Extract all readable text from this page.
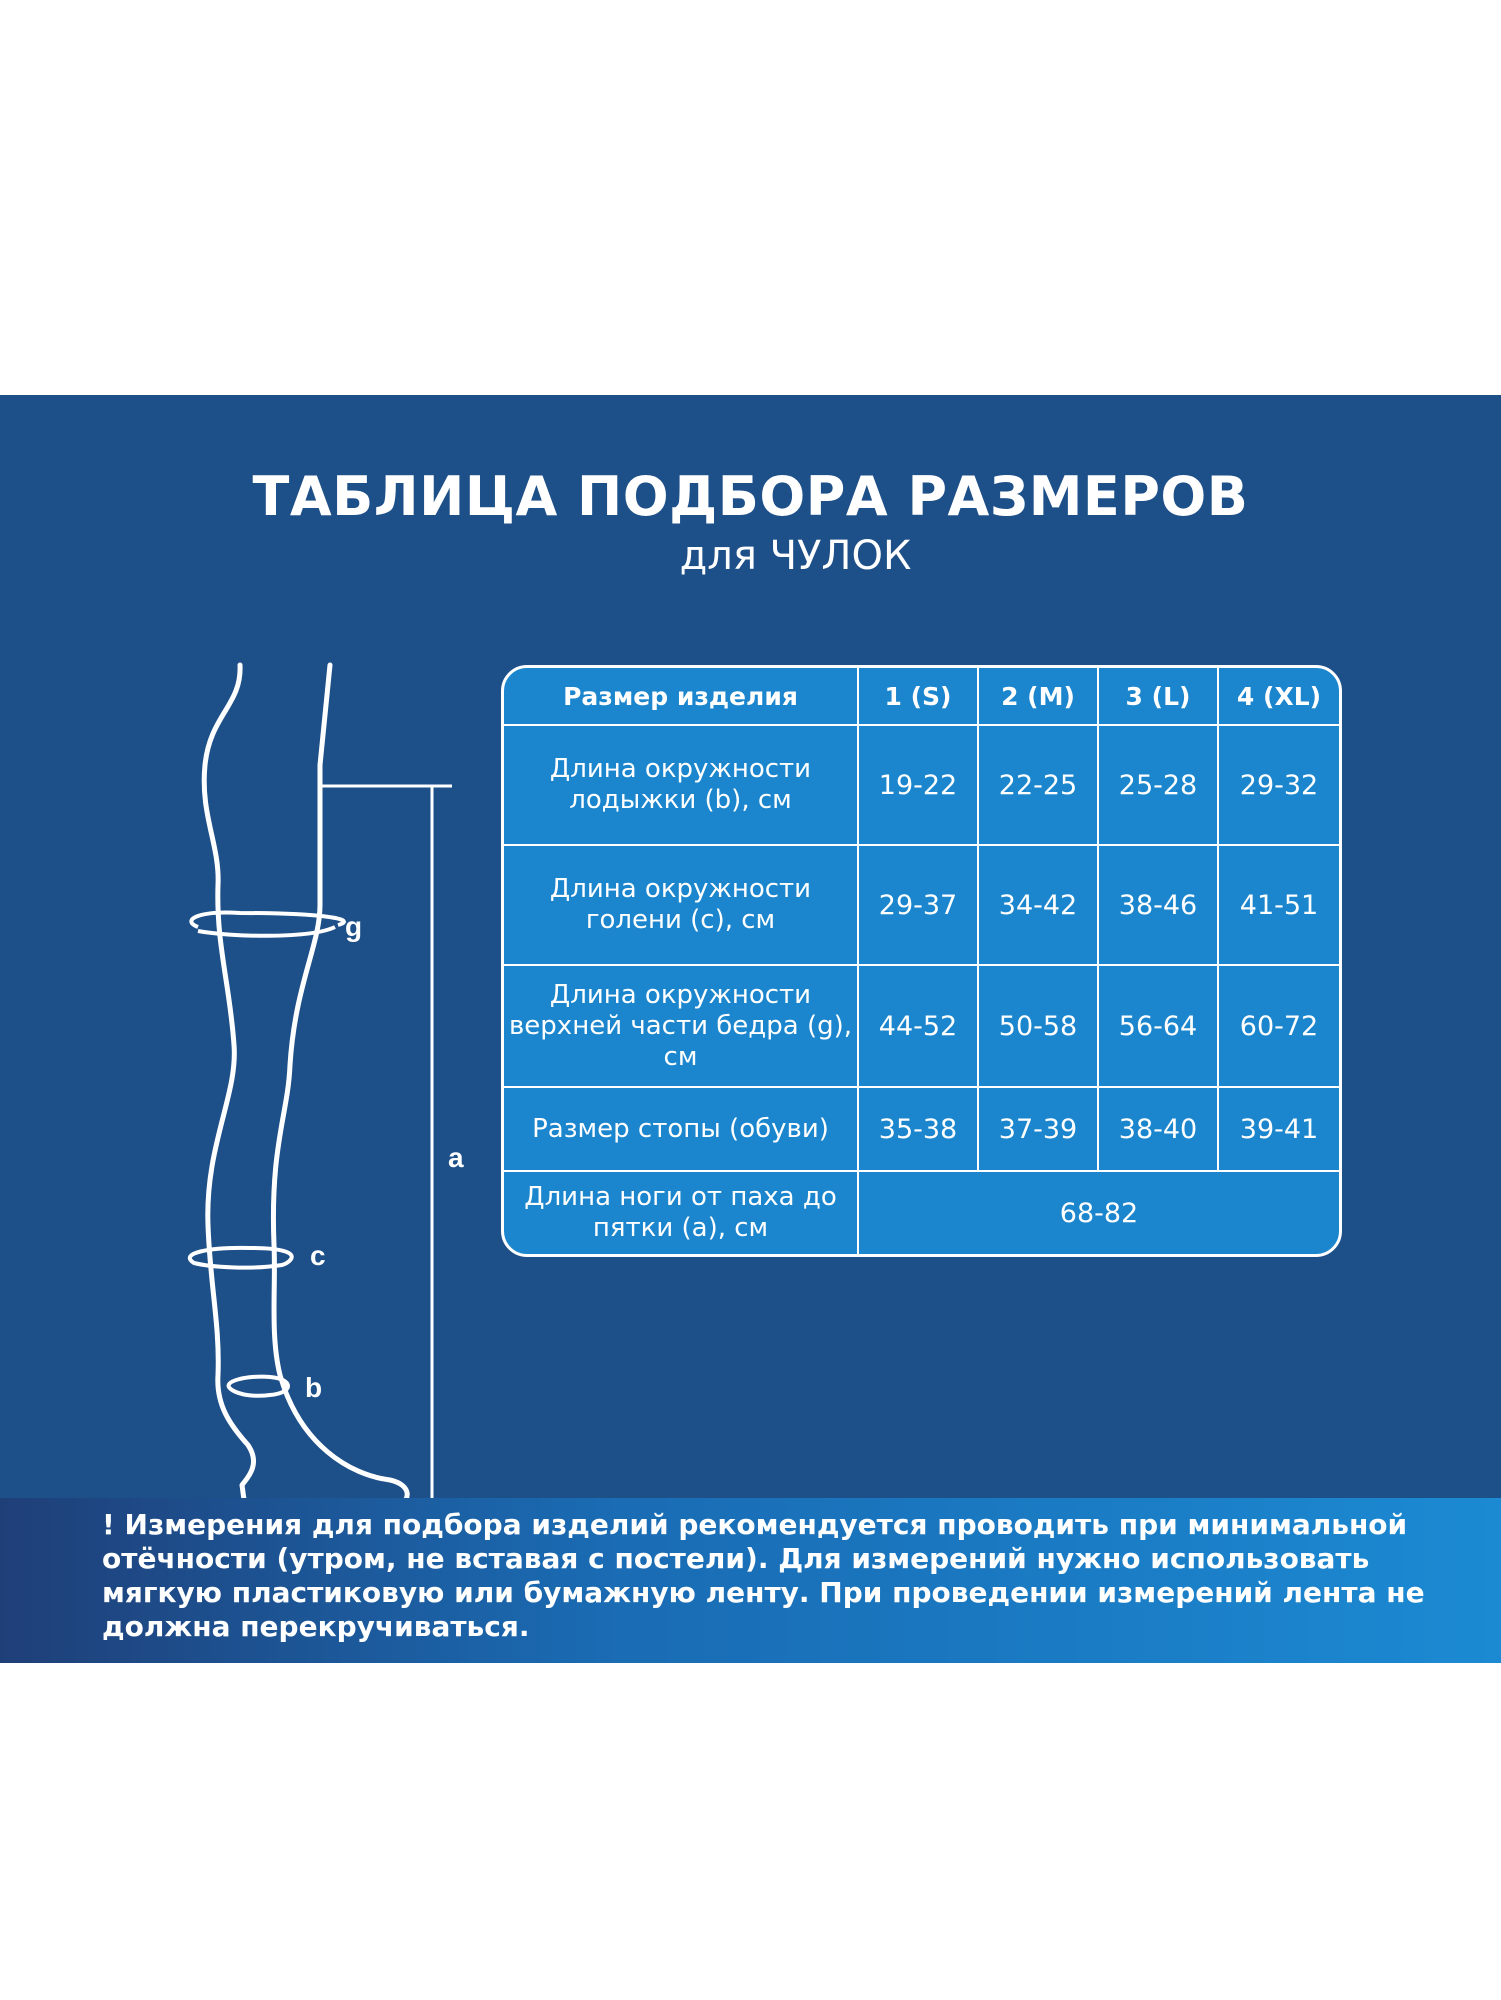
ТАБЛИЦА ПОДБОРА РАЗМЕРОВ
для ЧУЛОК
g
a
c
b
Размер изделия	1 (S)	2 (M)	3 (L)	4 (XL)
Длина окружности лодыжки (b), см	19-22	22-25	25-28	29-32
Длина окружности голени (с), см	29-37	34-42	38-46	41-51
Длина окружности верхней части бедра (g), см	44-52	50-58	56-64	60-72
Размер стопы (обуви)	35-38	37-39	38-40	39-41
Длина ноги от паха до пятки (а), см	68-82			
! Измерения для подбора изделий рекомендуется проводить при минимальной отёчности (утром, не вставая с постели). Для измерений нужно использовать мягкую пластиковую или бумажную ленту. При проведении измерений лента не должна перекручиваться.
